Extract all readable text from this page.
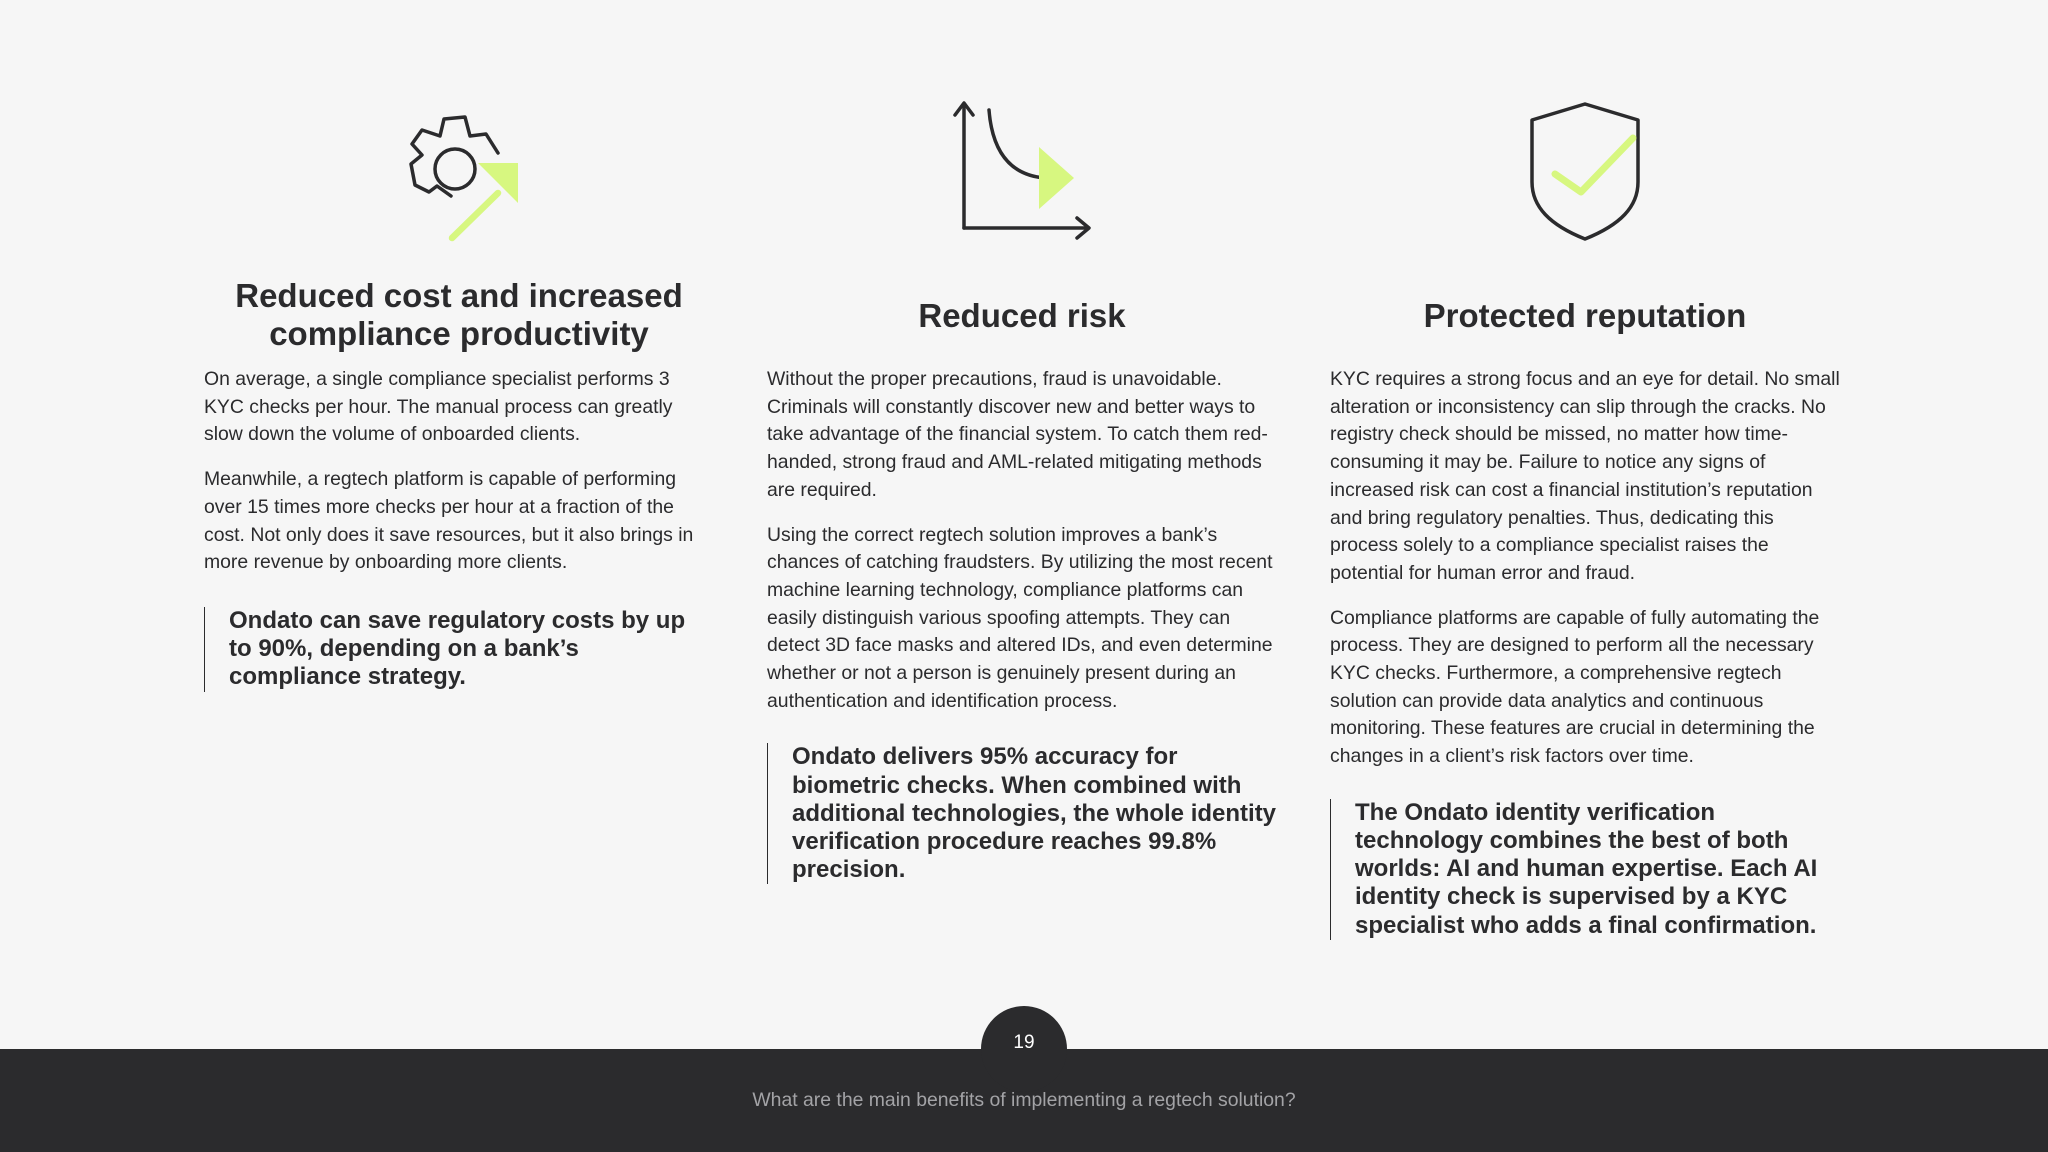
Reduced cost and increased compliance productivity

On average, a single compliance specialist performs 3 KYC checks per hour. The manual process can greatly slow down the volume of onboarded clients.

Meanwhile, a regtech platform is capable of performing over 15 times more checks per hour at a fraction of the cost. Not only does it save resources, but it also brings in more revenue by onboarding more clients.

Ondato can save regulatory costs by up to 90%, depending on a bank’s compliance strategy.
Reduced risk

Without the proper precautions, fraud is unavoidable. Criminals will constantly discover new and better ways to take advantage of the financial system. To catch them red-handed, strong fraud and AML-related mitigating methods are required.

Using the correct regtech solution improves a bank’s chances of catching fraudsters. By utilizing the most recent machine learning technology, compliance platforms can easily distinguish various spoofing attempts. They can detect 3D face masks and altered IDs, and even determine whether or not a person is genuinely present during an authentication and identification process.

Ondato delivers 95% accuracy for biometric checks. When combined with additional technologies, the whole identity verification procedure reaches 99.8% precision.
Protected reputation

KYC requires a strong focus and an eye for detail. No small alteration or inconsistency can slip through the cracks. No registry check should be missed, no matter how time-consuming it may be. Failure to notice any signs of increased risk can cost a financial institution’s reputation and bring regulatory penalties. Thus, dedicating this process solely to a compliance specialist raises the potential for human error and fraud.

Compliance platforms are capable of fully automating the process. They are designed to perform all the necessary KYC checks. Furthermore, a comprehensive regtech solution can provide data analytics and continuous monitoring. These features are crucial in determining the changes in a client’s risk factors over time.

The Ondato identity verification technology combines the best of both worlds: AI and human expertise. Each AI identity check is supervised by a KYC specialist who adds a final confirmation.
19
What are the main benefits of implementing a regtech solution?
